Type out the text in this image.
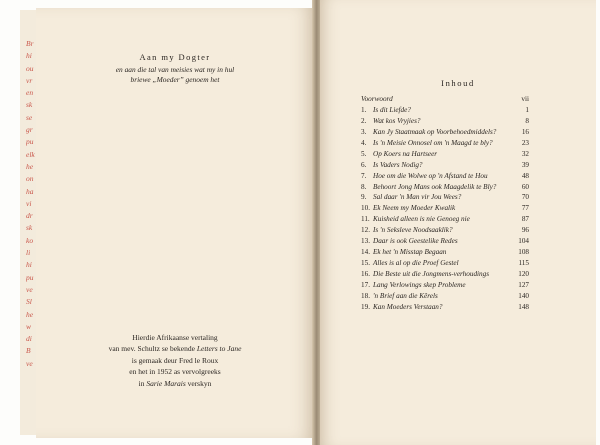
Br
hi
ou
vr
en
sk
se
gr
pu
elk
he
on
ha
vi
dr
sk
ko
li
hi
pu
ve
Sl
he
w
di
B
ve
Aan my Dogter
en aan die tal van meisies wat my in hul
briewe „Moeder” genoem het
Hierdie Afrikaanse vertaling
van mev. Schultz se bekende Letters to Jane
is gemaak deur Fred le Roux
en het in 1952 as vervolgreeks
in Sarie Marais verskyn
Inhoud
Voorwoord	vii
1. Is dit Liefde?	1
2. Wat kos Vryjies?	8
3. Kan Jy Staatmaak op Voorbehoedmiddels?	16
4. Is 'n Meisie Onnosel om 'n Maagd te bly?	23
5. Op Koers na Hartseer	32
6. Is Vaders Nodig?	39
7. Hoe om die Wolwe op 'n Afstand te Hou	48
8. Behoort Jong Mans ook Maagdelik te Bly?	60
9. Sal daar 'n Man vir Jou Wees?	70
10. Ek Neem my Moeder Kwalik	77
11. Kuisheid alleen is nie Genoeg nie	87
12. Is 'n Seksleve Noodsaaklik?	96
13. Daar is ook Geestelike Redes	104
14. Ek het 'n Misstap Begaan	108
15. Alles is al op die Proef Gestel	115
16. Die Beste uit die Jongmens-verhoudings	120
17. Lang Verlowings skep Probleme	127
18. 'n Brief aan die Kêrels	140
19. Kan Moeders Verstaan?	148
